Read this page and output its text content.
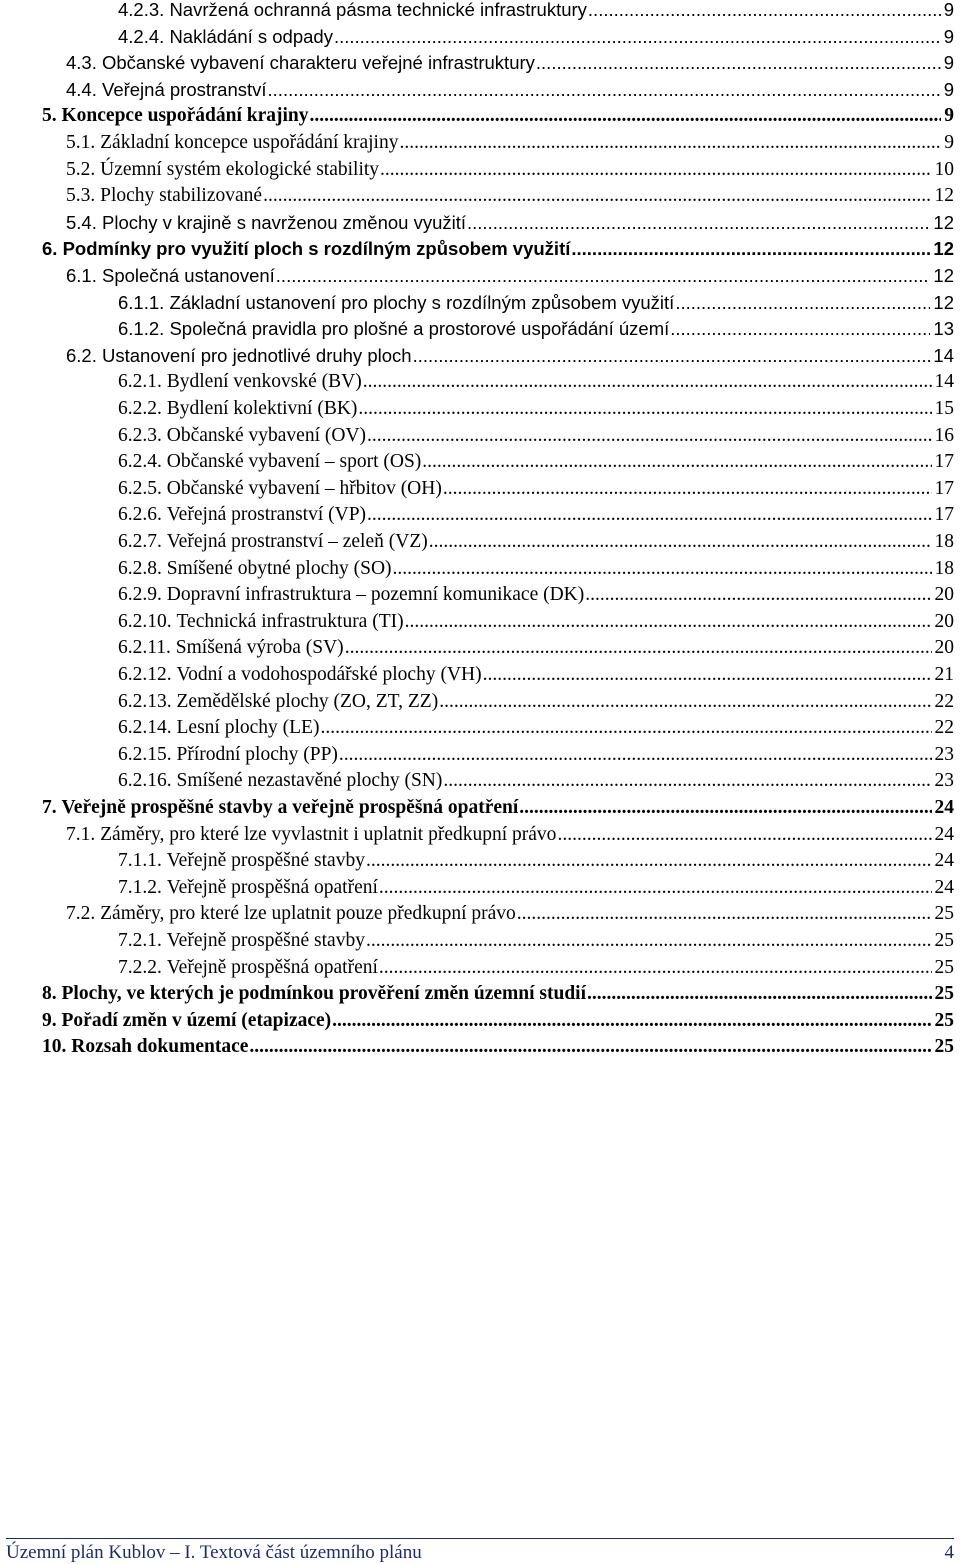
4.2.3. Navržená ochranná pásma technické infrastruktury .....	9
4.2.4. Nakládání s odpady .....	9
4.3. Občanské vybavení charakteru veřejné infrastruktury .....	9
4.4. Veřejná prostranství .....	9
5. Koncepce uspořádání krajiny .....	9
5.1. Základní koncepce uspořádání krajiny .....	9
5.2. Územní systém ekologické stability .....	10
5.3. Plochy stabilizované .....	12
5.4. Plochy v krajině s navrženou změnou využití .....	12
6. Podmínky pro využití ploch s rozdílným způsobem využití .....	12
6.1. Společná ustanovení .....	12
6.1.1. Základní ustanovení pro plochy s rozdílným způsobem využití .....	12
6.1.2. Společná pravidla pro plošné a prostorové uspořádání území .....	13
6.2. Ustanovení pro jednotlivé druhy ploch .....	14
6.2.1. Bydlení venkovské (BV) .....	14
6.2.2. Bydlení kolektivní (BK) .....	15
6.2.3. Občanské vybavení (OV) .....	16
6.2.4. Občanské vybavení – sport (OS) .....	17
6.2.5. Občanské vybavení – hřbitov (OH) .....	17
6.2.6. Veřejná prostranství (VP) .....	17
6.2.7. Veřejná prostranství – zeleň (VZ) .....	18
6.2.8. Smíšené obytné plochy (SO) .....	18
6.2.9. Dopravní infrastruktura – pozemní komunikace (DK) .....	20
6.2.10. Technická infrastruktura (TI) .....	20
6.2.11. Smíšená výroba (SV) .....	20
6.2.12. Vodní a vodohospodářské plochy (VH) .....	21
6.2.13. Zemědělské plochy (ZO, ZT, ZZ) .....	22
6.2.14. Lesní plochy (LE) .....	22
6.2.15. Přírodní plochy (PP) .....	23
6.2.16. Smíšené nezastavěné plochy (SN) .....	23
7. Veřejně prospěšné stavby a veřejně prospěšná opatření .....	24
7.1. Záměry, pro které lze vyvlastnit i uplatnit předkupní právo .....	24
7.1.1. Veřejně prospěšné stavby .....	24
7.1.2. Veřejně prospěšná opatření .....	24
7.2. Záměry, pro které lze uplatnit pouze předkupní právo .....	25
7.2.1. Veřejně prospěšné stavby .....	25
7.2.2. Veřejně prospěšná opatření .....	25
8. Plochy, ve kterých je podmínkou prověření změn územní studií .....	25
9. Pořadí změn v území (etapizace) .....	25
10. Rozsah dokumentace .....	25
Územní plán Kublov – I. Textová část územního plánu	4
